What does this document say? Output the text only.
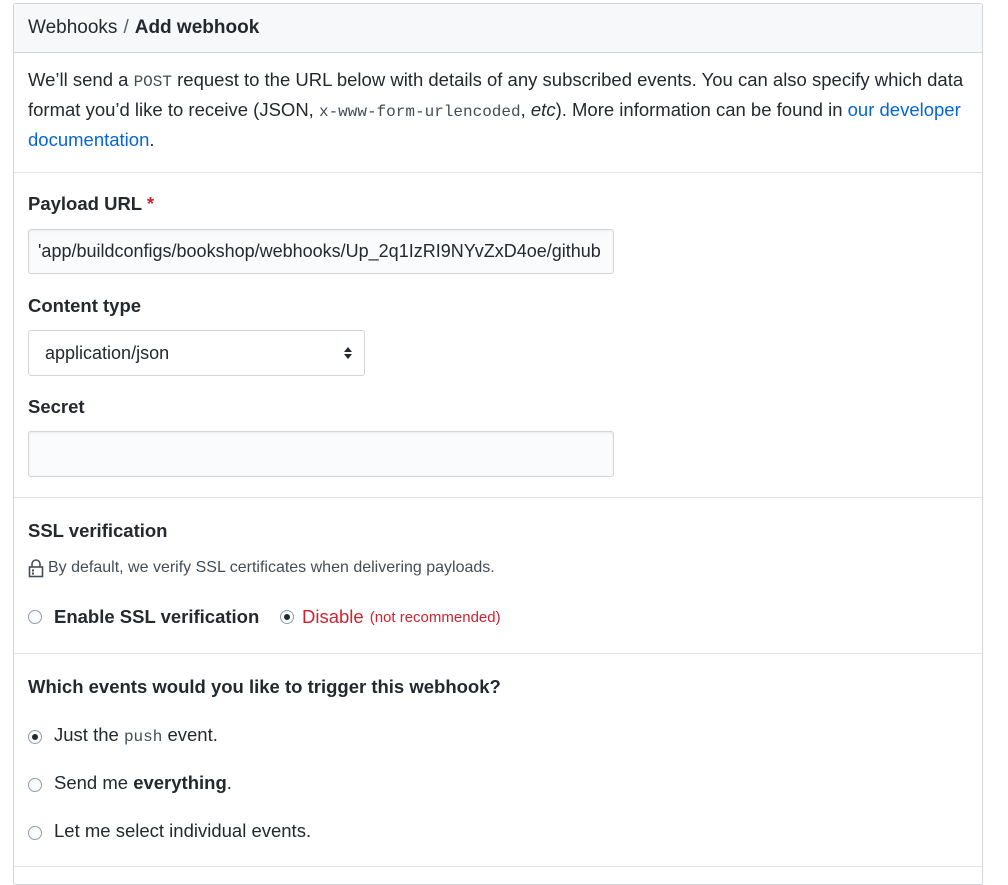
Webhooks / Add webhook
We’ll send a POST request to the URL below with details of any subscribed events. You can also specify which data format you’d like to receive (JSON, x-www-form-urlencoded, etc). More information can be found in our developer documentation.
Payload URL *
'app/buildconfigs/bookshop/webhooks/Up_2q1IzRI9NYvZxD4oe/github
Content type
application/json
Secret
SSL verification
By default, we verify SSL certificates when delivering payloads.
Enable SSL verification Disable (not recommended)
Which events would you like to trigger this webhook?
Just the push event.
Send me everything.
Let me select individual events.
